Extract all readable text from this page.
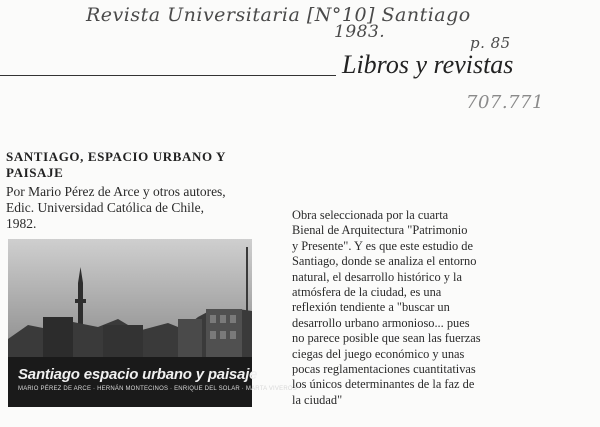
Revista Universitaria [N°10] Santiago
1983.
p. 85
707.771
Libros y revistas
SANTIAGO, ESPACIO URBANO Y
PAISAJE
Por Mario Pérez de Arce y otros autores,
Edic. Universidad Católica de Chile,
1982.
Santiago espacio urbano y paisaje
MARIO PÉREZ DE ARCE · HERNÁN MONTECINOS · ENRIQUE DEL SOLAR · MARTA VIVEROS
Obra seleccionada por la cuarta
Bienal de Arquitectura "Patrimonio
y Presente". Y es que este estudio de
Santiago, donde se analiza el entorno
natural, el desarrollo histórico y la
atmósfera de la ciudad, es una
reflexión tendiente a "buscar un
desarrollo urbano armonioso... pues
no parece posible que sean las fuerzas
ciegas del juego económico y unas
pocas reglamentaciones cuantitativas
los únicos determinantes de la faz de
la ciudad"
